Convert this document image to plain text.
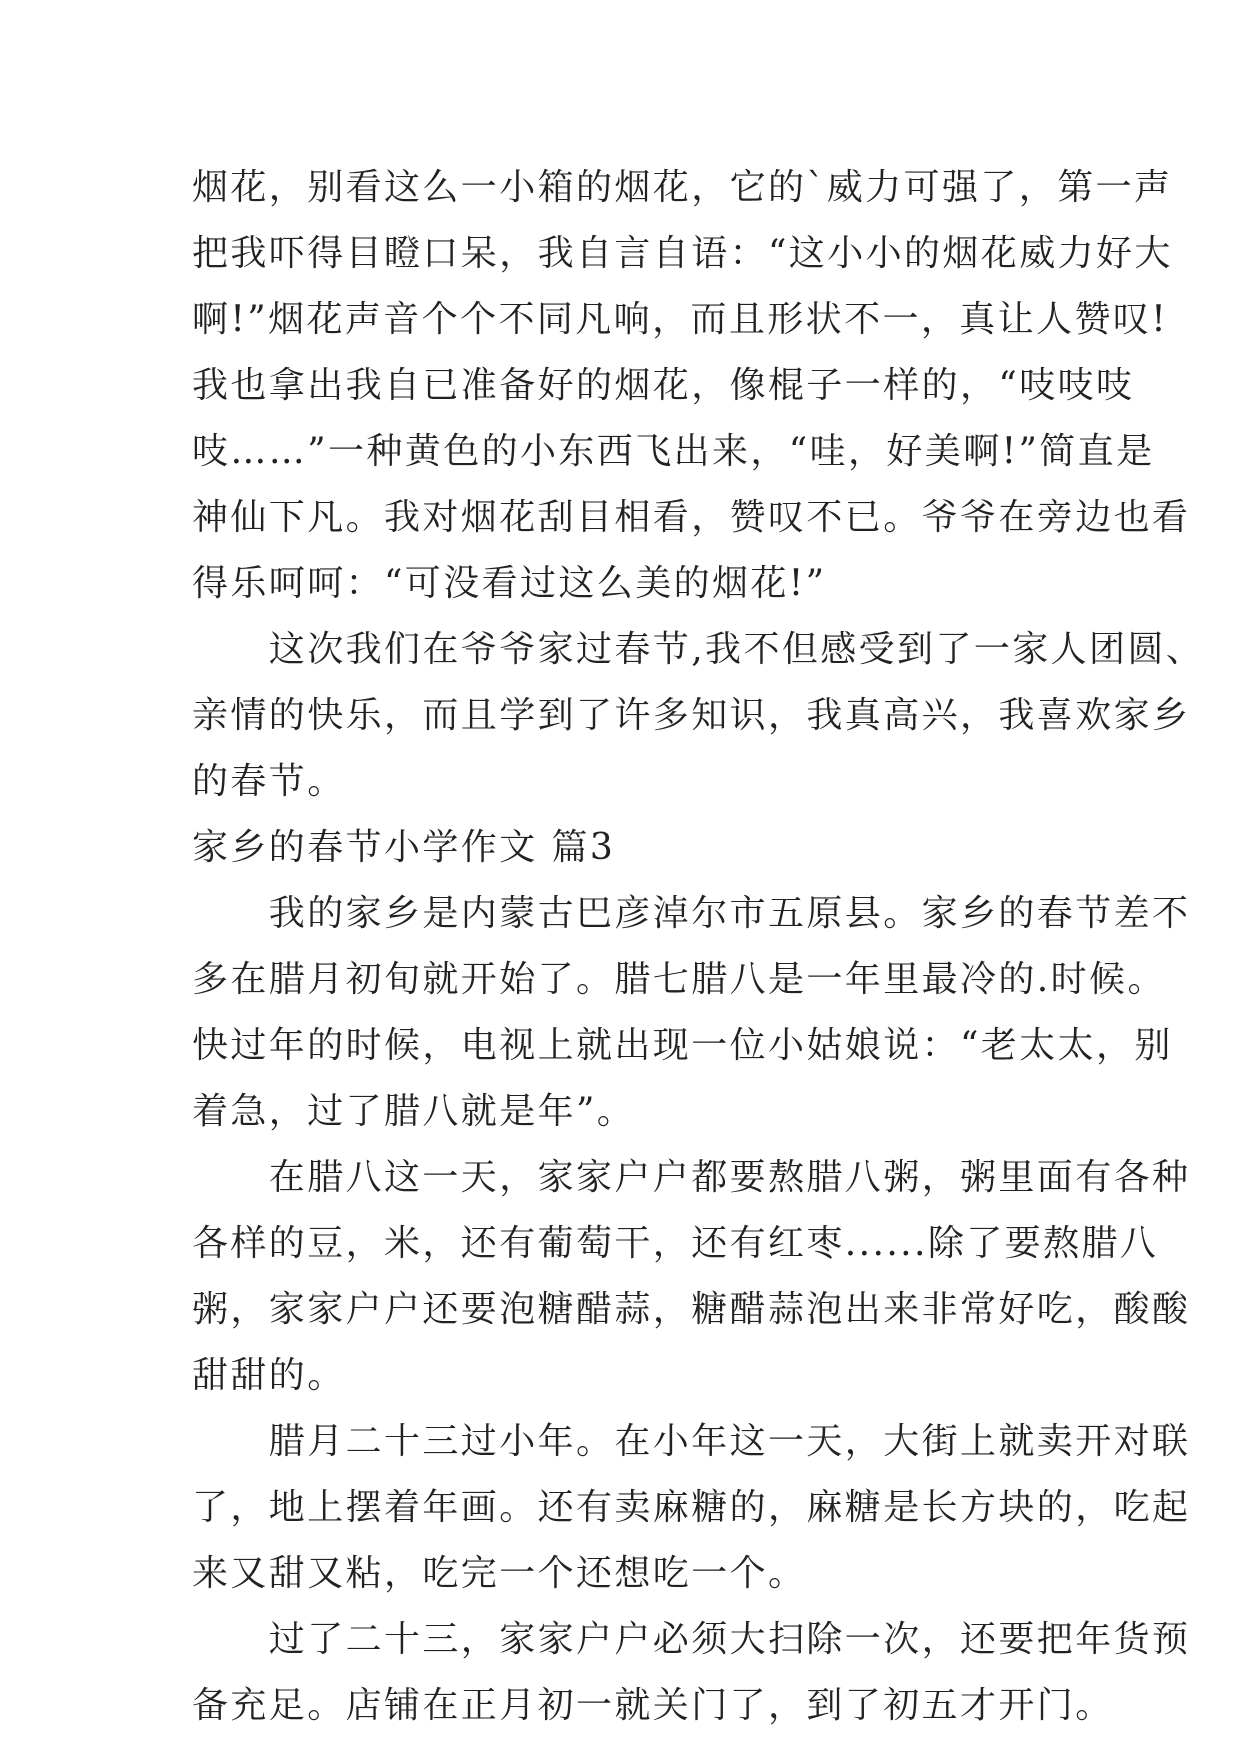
烟花，别看这么一小箱的烟花，它的`威力可强了，第一声
把我吓得目瞪口呆，我自言自语：“这小小的烟花威力好大
啊!”烟花声音个个不同凡响，而且形状不一，真让人赞叹!
我也拿出我自已准备好的烟花，像棍子一样的，“吱吱吱
吱……”一种黄色的小东西飞出来，“哇，好美啊!”简直是
神仙下凡。我对烟花刮目相看，赞叹不已。爷爷在旁边也看
得乐呵呵：“可没看过这么美的烟花!”
　　这次我们在爷爷家过春节,我不但感受到了一家人团圆、
亲情的快乐，而且学到了许多知识，我真高兴，我喜欢家乡
的春节。
家乡的春节小学作文 篇3
　　我的家乡是内蒙古巴彦淖尔市五原县。家乡的春节差不
多在腊月初旬就开始了。腊七腊八是一年里最冷的.时候。
快过年的时候，电视上就出现一位小姑娘说：“老太太，别
着急，过了腊八就是年”。
　　在腊八这一天，家家户户都要熬腊八粥，粥里面有各种
各样的豆，米，还有葡萄干，还有红枣......除了要熬腊八
粥，家家户户还要泡糖醋蒜，糖醋蒜泡出来非常好吃，酸酸
甜甜的。
　　腊月二十三过小年。在小年这一天，大街上就卖开对联
了，地上摆着年画。还有卖麻糖的，麻糖是长方块的，吃起
来又甜又粘，吃完一个还想吃一个。
　　过了二十三，家家户户必须大扫除一次，还要把年货预
备充足。店铺在正月初一就关门了，到了初五才开门。
